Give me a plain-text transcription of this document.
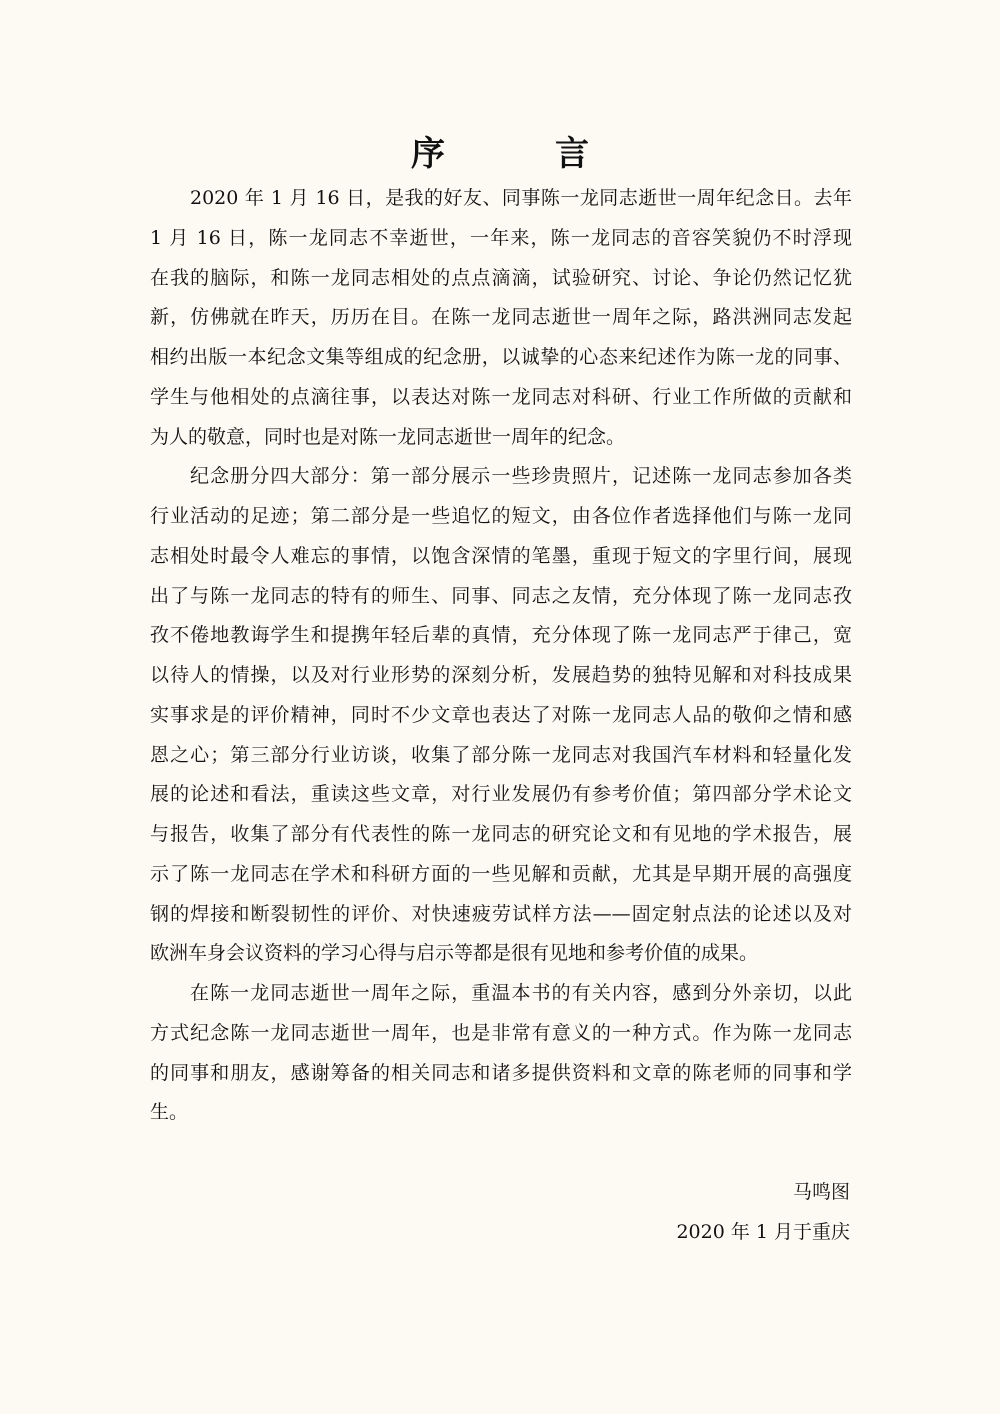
序　言
2020 年 1 月 16 日，是我的好友、同事陈一龙同志逝世一周年纪念日。去年
1 月 16 日，陈一龙同志不幸逝世，一年来，陈一龙同志的音容笑貌仍不时浮现
在我的脑际，和陈一龙同志相处的点点滴滴，试验研究、讨论、争论仍然记忆犹
新，仿佛就在昨天，历历在目。在陈一龙同志逝世一周年之际，路洪洲同志发起
相约出版一本纪念文集等组成的纪念册，以诚挚的心态来纪述作为陈一龙的同事、
学生与他相处的点滴往事，以表达对陈一龙同志对科研、行业工作所做的贡献和
为人的敬意，同时也是对陈一龙同志逝世一周年的纪念。
纪念册分四大部分：第一部分展示一些珍贵照片，记述陈一龙同志参加各类
行业活动的足迹；第二部分是一些追忆的短文，由各位作者选择他们与陈一龙同
志相处时最令人难忘的事情，以饱含深情的笔墨，重现于短文的字里行间，展现
出了与陈一龙同志的特有的师生、同事、同志之友情，充分体现了陈一龙同志孜
孜不倦地教诲学生和提携年轻后辈的真情，充分体现了陈一龙同志严于律己，宽
以待人的情操，以及对行业形势的深刻分析，发展趋势的独特见解和对科技成果
实事求是的评价精神，同时不少文章也表达了对陈一龙同志人品的敬仰之情和感
恩之心；第三部分行业访谈，收集了部分陈一龙同志对我国汽车材料和轻量化发
展的论述和看法，重读这些文章，对行业发展仍有参考价值；第四部分学术论文
与报告，收集了部分有代表性的陈一龙同志的研究论文和有见地的学术报告，展
示了陈一龙同志在学术和科研方面的一些见解和贡献，尤其是早期开展的高强度
钢的焊接和断裂韧性的评价、对快速疲劳试样方法——固定射点法的论述以及对
欧洲车身会议资料的学习心得与启示等都是很有见地和参考价值的成果。
在陈一龙同志逝世一周年之际，重温本书的有关内容，感到分外亲切，以此
方式纪念陈一龙同志逝世一周年，也是非常有意义的一种方式。作为陈一龙同志
的同事和朋友，感谢筹备的相关同志和诸多提供资料和文章的陈老师的同事和学
生。
马鸣图
2020 年 1 月于重庆
